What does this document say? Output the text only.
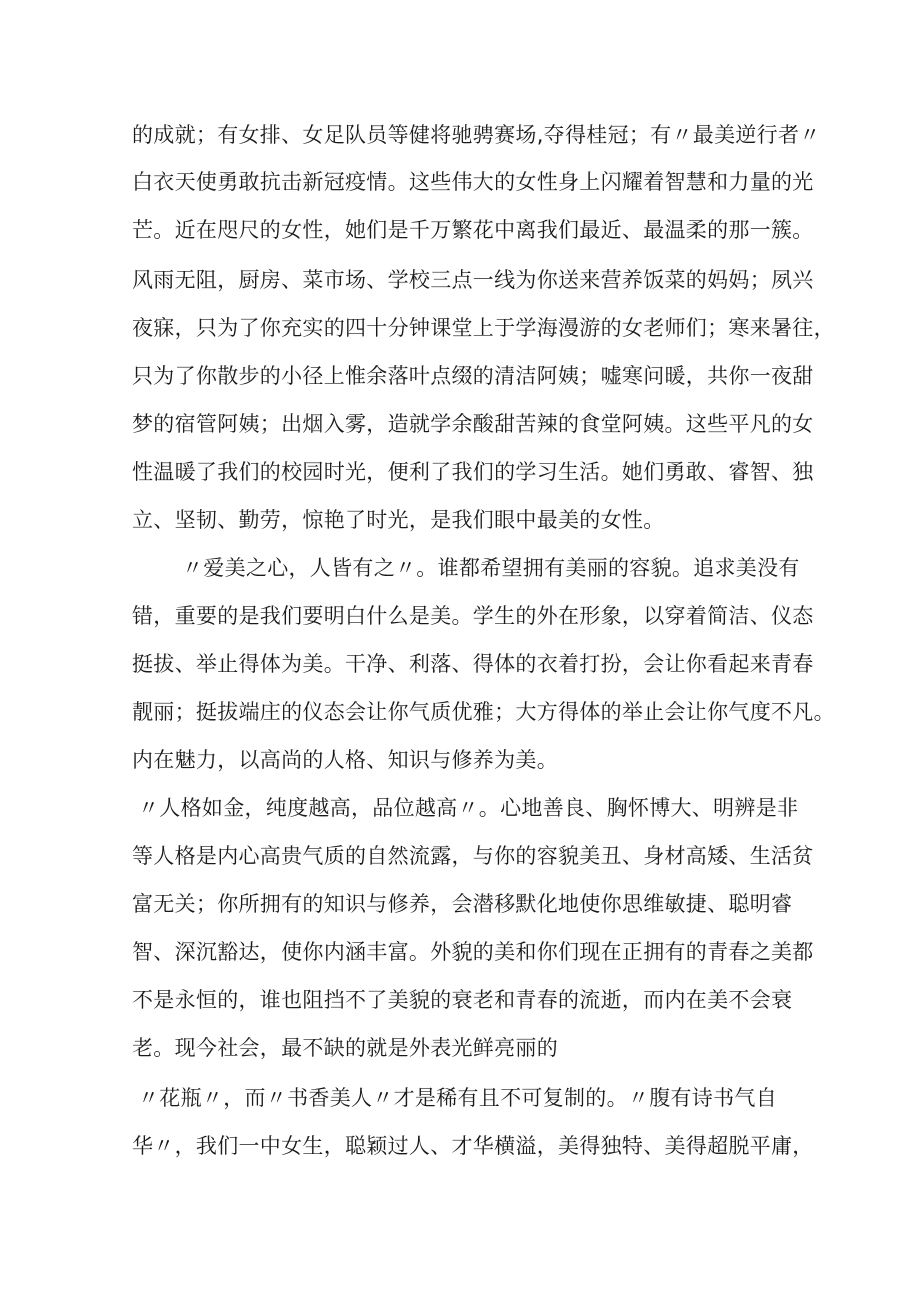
的成就；有女排、女足队员等健将驰骋赛场,夺得桂冠；有〃最美逆行者〃
白衣天使勇敢抗击新冠疫情。这些伟大的女性身上闪耀着智慧和力量的光
芒。近在咫尺的女性，她们是千万繁花中离我们最近、最温柔的那一簇。
风雨无阻，厨房、菜市场、学校三点一线为你送来营养饭菜的妈妈；夙兴
夜寐，只为了你充实的四十分钟课堂上于学海漫游的女老师们；寒来暑往，
只为了你散步的小径上惟余落叶点缀的清洁阿姨；嘘寒问暖，共你一夜甜
梦的宿管阿姨；出烟入雾，造就学余酸甜苦辣的食堂阿姨。这些平凡的女
性温暖了我们的校园时光，便利了我们的学习生活。她们勇敢、睿智、独
立、坚韧、勤劳，惊艳了时光，是我们眼中最美的女性。
〃爱美之心，人皆有之〃。谁都希望拥有美丽的容貌。追求美没有
错，重要的是我们要明白什么是美。学生的外在形象，以穿着简洁、仪态
挺拔、举止得体为美。干净、利落、得体的衣着打扮，会让你看起来青春
靓丽；挺拔端庄的仪态会让你气质优雅；大方得体的举止会让你气度不凡。
内在魅力，以高尚的人格、知识与修养为美。
〃人格如金，纯度越高，品位越高〃。心地善良、胸怀博大、明辨是非
等人格是内心高贵气质的自然流露，与你的容貌美丑、身材高矮、生活贫
富无关；你所拥有的知识与修养，会潜移默化地使你思维敏捷、聪明睿
智、深沉豁达，使你内涵丰富。外貌的美和你们现在正拥有的青春之美都
不是永恒的，谁也阻挡不了美貌的衰老和青春的流逝，而内在美不会衰
老。现今社会，最不缺的就是外表光鲜亮丽的
〃花瓶〃，而〃书香美人〃才是稀有且不可复制的。〃腹有诗书气自
华〃，我们一中女生，聪颖过人、才华横溢，美得独特、美得超脱平庸，
